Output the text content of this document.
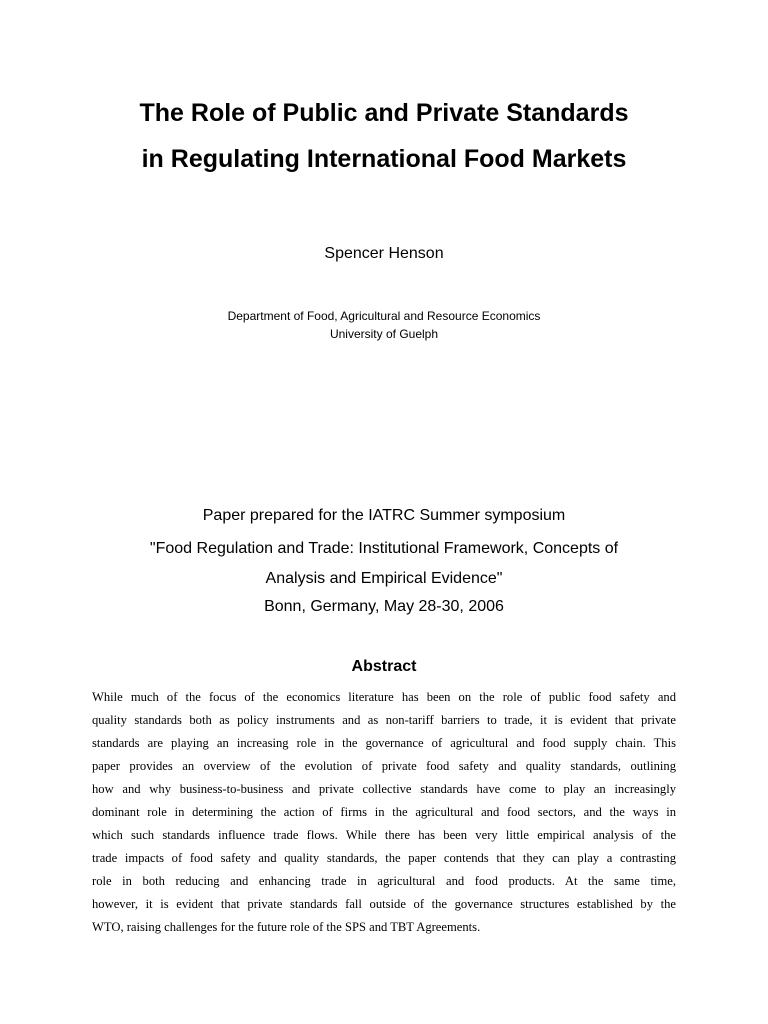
The Role of Public and Private Standards
in Regulating International Food Markets
Spencer Henson
Department of Food, Agricultural and Resource Economics
University of Guelph
Paper prepared for the IATRC Summer symposium
"Food Regulation and Trade: Institutional Framework, Concepts of
Analysis and Empirical Evidence"
Bonn, Germany, May 28-30, 2006
Abstract
While much of the focus of the economics literature has been on the role of public food safety and
quality standards both as policy instruments and as non-tariff barriers to trade, it is evident that private
standards are playing an increasing role in the governance of agricultural and food supply chain. This
paper provides an overview of the evolution of private food safety and quality standards, outlining
how and why business-to-business and private collective standards have come to play an increasingly
dominant role in determining the action of firms in the agricultural and food sectors, and the ways in
which such standards influence trade flows. While there has been very little empirical analysis of the
trade impacts of food safety and quality standards, the paper contends that they can play a contrasting
role in both reducing and enhancing trade in agricultural and food products. At the same time,
however, it is evident that private standards fall outside of the governance structures established by the
WTO, raising challenges for the future role of the SPS and TBT Agreements.
